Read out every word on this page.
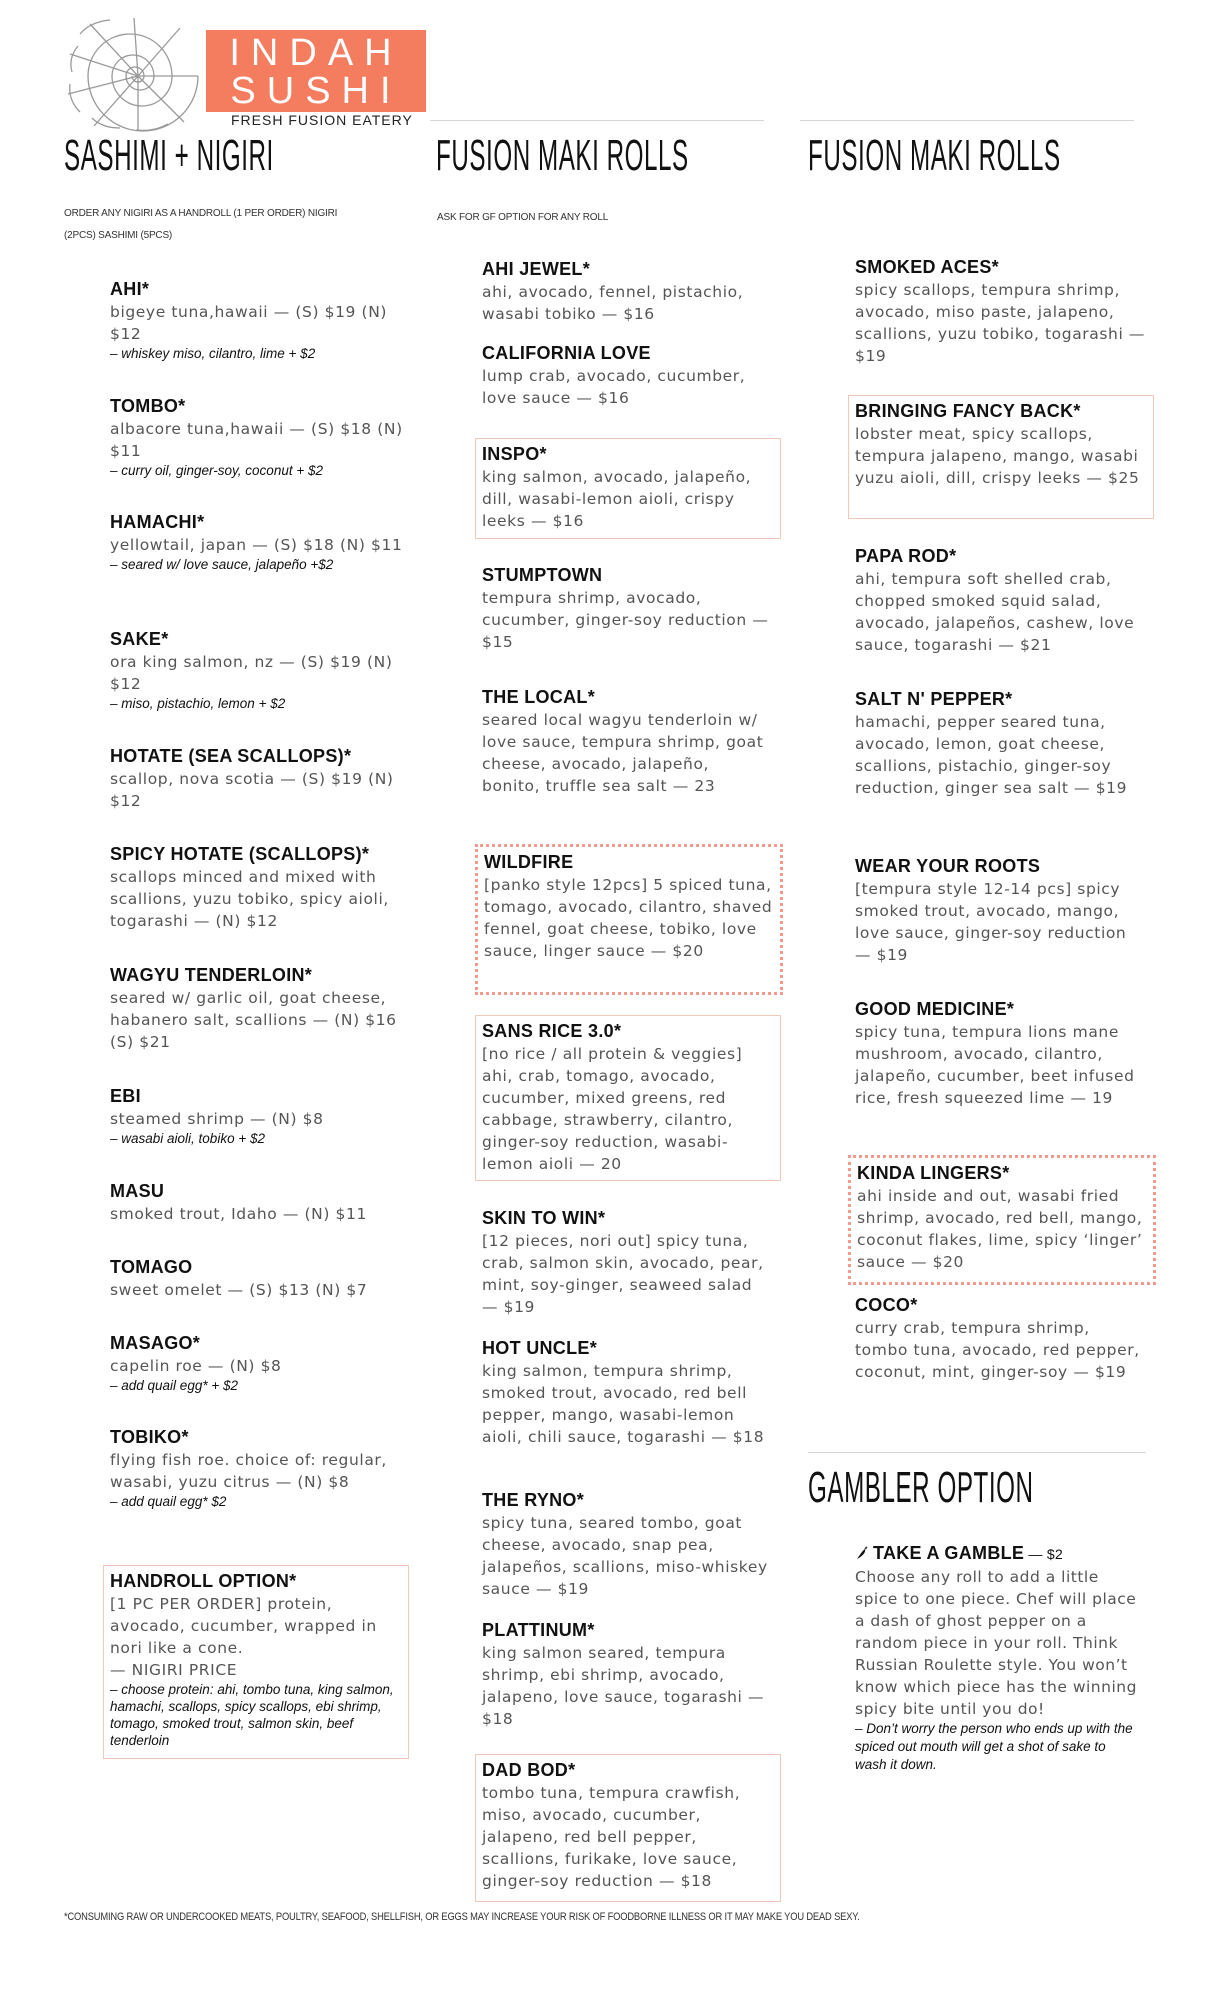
INDAH
SUSHI
FRESH FUSION EATERY
SASHIMI + NIGIRI
ORDER ANY NIGIRI AS A HANDROLL (1 PER ORDER) NIGIRI (2PCS) SASHIMI (5PCS)
AHI*
bigeye tuna,hawaii — (S) $19 (N) $12
– whiskey miso, cilantro, lime + $2
TOMBO*
albacore tuna,hawaii — (S) $18 (N) $11
– curry oil, ginger-soy, coconut + $2
HAMACHI*
yellowtail, japan — (S) $18 (N) $11
– seared w/ love sauce, jalapeño +$2
SAKE*
ora king salmon, nz — (S) $19 (N) $12
– miso, pistachio, lemon + $2
HOTATE (SEA SCALLOPS)*
scallop, nova scotia — (S) $19 (N) $12
SPICY HOTATE (SCALLOPS)*
scallops minced and mixed with scallions, yuzu tobiko, spicy aioli, togarashi — (N) $12
WAGYU TENDERLOIN*
seared w/ garlic oil, goat cheese, habanero salt, scallions — (N) $16 (S) $21
EBI
steamed shrimp — (N) $8
– wasabi aioli, tobiko + $2
MASU
smoked trout, Idaho — (N) $11
TOMAGO
sweet omelet — (S) $13 (N) $7
MASAGO*
capelin roe — (N) $8
– add quail egg* + $2
TOBIKO*
flying fish roe. choice of: regular, wasabi, yuzu citrus — (N) $8
– add quail egg* $2
HANDROLL OPTION*
[1 PC PER ORDER] protein, avocado, cucumber, wrapped in nori like a cone.
— NIGIRI PRICE
– choose protein: ahi, tombo tuna, king salmon, hamachi, scallops, spicy scallops, ebi shrimp, tomago, smoked trout, salmon skin, beef tenderloin
FUSION MAKI ROLLS
ASK FOR GF OPTION FOR ANY ROLL
AHI JEWEL*
ahi, avocado, fennel, pistachio, wasabi tobiko — $16
CALIFORNIA LOVE
lump crab, avocado, cucumber, love sauce — $16
INSPO*
king salmon, avocado, jalapeño, dill, wasabi-lemon aioli, crispy leeks — $16
STUMPTOWN
tempura shrimp, avocado, cucumber, ginger-soy reduction — $15
THE LOCAL*
seared local wagyu tenderloin w/ love sauce, tempura shrimp, goat cheese, avocado, jalapeño, bonito, truffle sea salt — 23
WILDFIRE
[panko style 12pcs] 5 spiced tuna, tomago, avocado, cilantro, shaved fennel, goat cheese, tobiko, love sauce, linger sauce — $20
SANS RICE 3.0*
[no rice / all protein & veggies] ahi, crab, tomago, avocado, cucumber, mixed greens, red cabbage, strawberry, cilantro, ginger-soy reduction, wasabi-lemon aioli — 20
SKIN TO WIN*
[12 pieces, nori out] spicy tuna, crab, salmon skin, avocado, pear, mint, soy-ginger, seaweed salad — $19
HOT UNCLE*
king salmon, tempura shrimp, smoked trout, avocado, red bell pepper, mango, wasabi-lemon aioli, chili sauce, togarashi — $18
THE RYNO*
spicy tuna, seared tombo, goat cheese, avocado, snap pea, jalapeños, scallions, miso-whiskey sauce — $19
PLATTINUM*
king salmon seared, tempura shrimp, ebi shrimp, avocado, jalapeno, love sauce, togarashi — $18
DAD BOD*
tombo tuna, tempura crawfish, miso, avocado, cucumber, jalapeno, red bell pepper, scallions, furikake, love sauce, ginger-soy reduction — $18
FUSION MAKI ROLLS
SMOKED ACES*
spicy scallops, tempura shrimp, avocado, miso paste, jalapeno, scallions, yuzu tobiko, togarashi — $19
BRINGING FANCY BACK*
lobster meat, spicy scallops, tempura jalapeno, mango, wasabi yuzu aioli, dill, crispy leeks — $25
PAPA ROD*
ahi, tempura soft shelled crab, chopped smoked squid salad, avocado, jalapeños, cashew, love sauce, togarashi — $21
SALT N' PEPPER*
hamachi, pepper seared tuna, avocado, lemon, goat cheese, scallions, pistachio, ginger-soy reduction, ginger sea salt — $19
WEAR YOUR ROOTS
[tempura style 12-14 pcs] spicy smoked trout, avocado, mango, love sauce, ginger-soy reduction — $19
GOOD MEDICINE*
spicy tuna, tempura lions mane mushroom, avocado, cilantro, jalapeño, cucumber, beet infused rice, fresh squeezed lime — 19
KINDA LINGERS*
ahi inside and out, wasabi fried shrimp, avocado, red bell, mango, coconut flakes, lime, spicy ‘linger’ sauce — $20
COCO*
curry crab, tempura shrimp, tombo tuna, avocado, red pepper, coconut, mint, ginger-soy — $19
GAMBLER OPTION
TAKE A GAMBLE — $2
Choose any roll to add a little spice to one piece. Chef will place a dash of ghost pepper on a random piece in your roll. Think Russian Roulette style. You won’t know which piece has the winning spicy bite until you do!
– Don’t worry the person who ends up with the spiced out mouth will get a shot of sake to wash it down.
*CONSUMING RAW OR UNDERCOOKED MEATS, POULTRY, SEAFOOD, SHELLFISH, OR EGGS MAY INCREASE YOUR RISK OF FOODBORNE ILLNESS OR IT MAY MAKE YOU DEAD SEXY.
